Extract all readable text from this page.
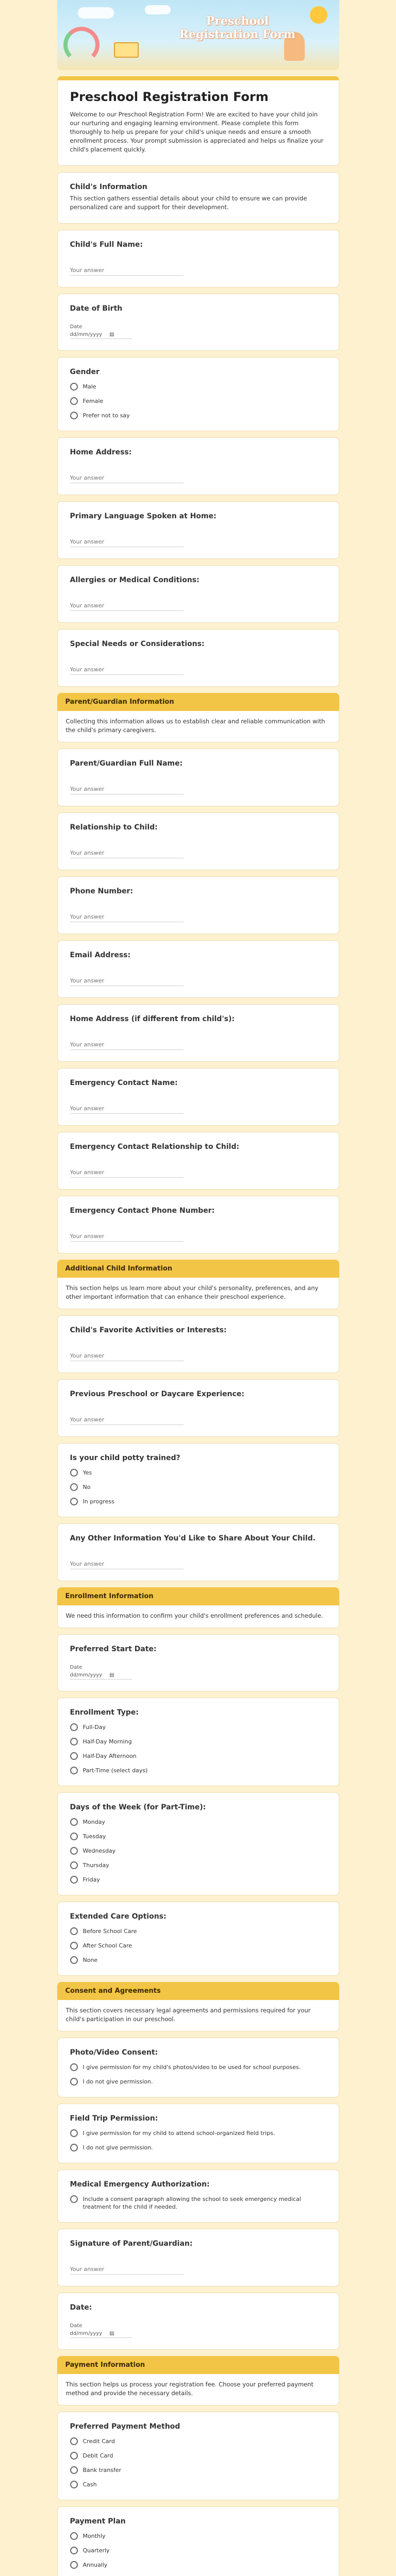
Preschool
Registration Form
Preschool Registration Form
Welcome to our Preschool Registration Form! We are excited to have your child join our nurturing and engaging learning environment. Please complete this form thoroughly to help us prepare for your child's unique needs and ensure a smooth enrollment process. Your prompt submission is appreciated and helps us finalize your child's placement quickly.
Child's Information
This section gathers essential details about your child to ensure we can provide personalized care and support for their development.
Child's Full Name:
Your answer
Date of Birth
Date
dd/mm/yyyy ▤
Gender
Male
Female
Prefer not to say
Home Address:
Your answer
Primary Language Spoken at Home:
Your answer
Allergies or Medical Conditions:
Your answer
Special Needs or Considerations:
Your answer
Parent/Guardian Information
Collecting this information allows us to establish clear and reliable communication with the child's primary caregivers.
Parent/Guardian Full Name:
Your answer
Relationship to Child:
Your answer
Phone Number:
Your answer
Email Address:
Your answer
Home Address (if different from child's):
Your answer
Emergency Contact Name:
Your answer
Emergency Contact Relationship to Child:
Your answer
Emergency Contact Phone Number:
Your answer
Additional Child Information
This section helps us learn more about your child's personality, preferences, and any other important information that can enhance their preschool experience.
Child's Favorite Activities or Interests:
Your answer
Previous Preschool or Daycare Experience:
Your answer
Is your child potty trained?
Yes
No
In progress
Any Other Information You'd Like to Share About Your Child.
Your answer
Enrollment Information
We need this information to confirm your child's enrollment preferences and schedule.
Preferred Start Date:
Date
dd/mm/yyyy ▤
Enrollment Type:
Full-Day
Half-Day Morning
Half-Day Afternoon
Part-Time (select days)
Days of the Week (for Part-Time):
Monday
Tuesday
Wednesday
Thursday
Friday
Extended Care Options:
Before School Care
After School Care
None
Consent and Agreements
This section covers necessary legal agreements and permissions required for your child's participation in our preschool.
Photo/Video Consent:
I give permission for my child's photos/video to be used for school purposes.
I do not give permission.
Field Trip Permission:
I give permission for my child to attend school-organized field trips.
I do not give permission.
Medical Emergency Authorization:
Include a consent paragraph allowing the school to seek emergency medical treatment for the child if needed.
Signature of Parent/Guardian:
Your answer
Date:
Date
dd/mm/yyyy ▤
Payment Information
This section helps us process your registration fee. Choose your preferred payment method and provide the necessary details.
Preferred Payment Method
Credit Card
Debit Card
Bank transfer
Cash
Payment Plan
Monthly
Quarterly
Annually
